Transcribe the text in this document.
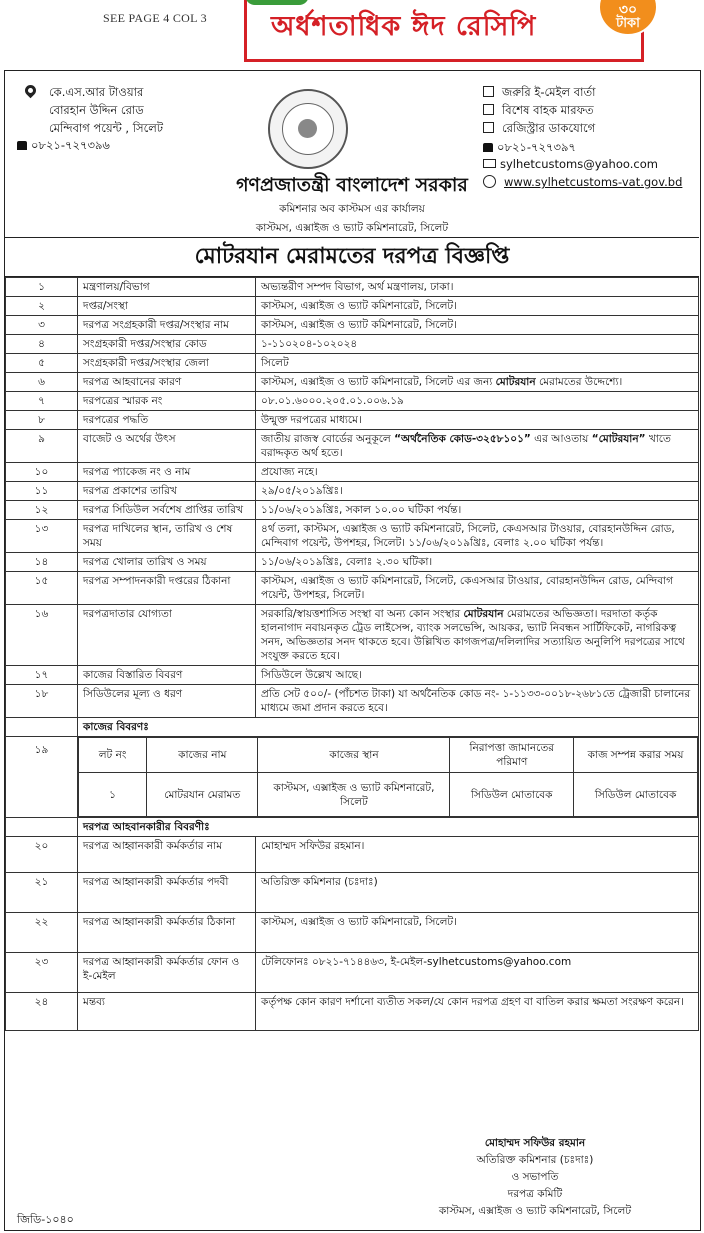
SEE PAGE 4 COL 3 অর্ধশতাধিক ঈদ রেসিপি
৩০
টাকা
কে.এস.আর টাওয়ার
বোরহান উদ্দিন রোড
মেন্দিবাগ পয়েন্ট , সিলেট
০৮২১-৭২৭৩৯৬
জরুরি ই-মেইল বার্তা
বিশেষ বাহক মারফত
রেজিস্ট্রার ডাকযোগে
০৮২১-৭২৭৩৯৭
sylhetcustoms@yahoo.com
www.sylhetcustoms-vat.gov.bd
গণপ্রজাতন্ত্রী বাংলাদেশ সরকার
কমিশনার অব কাস্টমস এর কার্যালয়
কাস্টমস, এক্সাইজ ও ভ্যাট কমিশনারেট, সিলেট
মোটরযান মেরামতের দরপত্র বিজ্ঞপ্তি
১	মন্ত্রণালয়/বিভাগ	অভ্যন্তরীণ সম্পদ বিভাগ, অর্থ মন্ত্রণালয়, ঢাকা।
২	দপ্তর/সংস্থা	কাস্টমস, এক্সাইজ ও ভ্যাট কমিশনারেট, সিলেট।
৩	দরপত্র সংগ্রহকারী দপ্তর/সংস্থার নাম	কাস্টমস, এক্সাইজ ও ভ্যাট কমিশনারেট, সিলেট।
৪	সংগ্রহকারী দপ্তর/সংস্থার কোড	১-১১০২০৪-১০২০২৪
৫	সংগ্রহকারী দপ্তর/সংস্থার জেলা	সিলেট
৬	দরপত্র আহবানের কারণ	কাস্টমস, এক্সাইজ ও ভ্যাট কমিশনারেট, সিলেট এর জন্য মোটরযান মেরামতের উদ্দেশ্যে।
৭	দরপত্রের স্মারক নং	০৮.০১.৬০০০.২০৫.০১.০০৬.১৯
৮	দরপত্রের পদ্ধতি	উন্মুক্ত দরপত্রের মাধ্যমে।
৯	বাজেট ও অর্থের উৎস	জাতীয় রাজস্ব বোর্ডের অনুকূলে “অর্থনৈতিক কোড-৩২৫৮১০১” এর আওতায় “মোটরযান” খাতে বরাদ্দকৃত অর্থ হতে।
১০	দরপত্র প্যাকেজ নং ও নাম	প্রযোজ্য নহে।
১১	দরপত্র প্রকাশের তারিখ	২৯/০৫/২০১৯খ্রিঃ।
১২	দরপত্র সিডিউল সর্বশেষ প্রাপ্তির তারিখ	১১/০৬/২০১৯খ্রিঃ, সকাল ১০.০০ ঘটিকা পর্যন্ত।
১৩	দরপত্র দাখিলের স্থান, তারিখ ও শেষ সময়	৪র্থ তলা, কাস্টমস, এক্সাইজ ও ভ্যাট কমিশনারেট, সিলেট, কেএসআর টাওয়ার, বোরহানউদ্দিন রোড, মেন্দিবাগ পয়েন্ট, উপশহর, সিলেট। ১১/০৬/২০১৯খ্রিঃ, বেলাঃ ২.০০ ঘটিকা পর্যন্ত।
১৪	দরপত্র খোলার তারিখ ও সময়	১১/০৬/২০১৯খ্রিঃ, বেলাঃ ২.৩০ ঘটিকা।
১৫	দরপত্র সম্পাদনকারী দপ্তরের ঠিকানা	কাস্টমস, এক্সাইজ ও ভ্যাট কমিশনারেট, সিলেট, কেএসআর টাওয়ার, বোরহানউদ্দিন রোড, মেন্দিবাগ পয়েন্ট, উপশহর, সিলেট।
১৬	দরপত্রদাতার যোগ্যতা	সরকারি/স্বায়ত্তশাসিত সংস্থা বা অন্য কোন সংস্থার মোটরযান মেরামতের অভিজ্ঞতা। দরদাতা কর্তৃক হালনাগাদ নবায়নকৃত ট্রেড লাইসেন্স, ব্যাংক সলভেন্সি, আয়কর, ভ্যাট নিবন্ধন সার্টিফিকেট, নাগরিকত্ব সনদ, অভিজ্ঞতার সনদ থাকতে হবে। উল্লিখিত কাগজপত্র/দলিলাদির সত্যায়িত অনুলিপি দরপত্রের সাথে সংযুক্ত করতে হবে।
১৭	কাজের বিস্তারিত বিবরণ	সিডিউলে উল্লেখ আছে।
১৮	সিডিউলের মূল্য ও ধরণ	প্রতি সেট ৫০০/- (পাঁচশত টাকা) যা অর্থনৈতিক কোড নং- ১-১১৩৩-০০১৮-২৬৮১তে ট্রেজারী চালানের মাধ্যমে জমা প্রদান করতে হবে।
	কাজের বিবরণঃ
১৯		লট নং	কাজের নাম	কাজের স্থান	নিরাপত্তা জামানতের পরিমাণ	কাজ সম্পন্ন করার সময়
১	মোটরযান মেরামত	কাস্টমস, এক্সাইজ ও ভ্যাট কমিশনারেট, সিলেট	সিডিউল মোতাবেক	সিডিউল মোতাবেক

	দরপত্র আহবানকারীর বিবরণীঃ
২০	দরপত্র আহ্বানকারী কর্মকর্তার নাম	মোহাম্মদ সফিউর রহমান।
২১	দরপত্র আহ্বানকারী কর্মকর্তার পদবী	অতিরিক্ত কমিশনার (চঃদাঃ)
২২	দরপত্র আহ্বানকারী কর্মকর্তার ঠিকানা	কাস্টমস, এক্সাইজ ও ভ্যাট কমিশনারেট, সিলেট।
২৩	দরপত্র আহ্বানকারী কর্মকর্তার ফোন ও ই-মেইল	টেলিফোনঃ ০৮২১-৭১৪৪৬৩, ই-মেইল-sylhetcustoms@yahoo.com
২৪	মন্তব্য	কর্তৃপক্ষ কোন কারণ দর্শানো ব্যতীত সকল/যে কোন দরপত্র গ্রহণ বা বাতিল করার ক্ষমতা সংরক্ষণ করেন।
মোহাম্মদ সফিউর রহমান
অতিরিক্ত কমিশনার (চঃদাঃ)
ও সভাপতি
দরপত্র কমিটি
কাস্টমস, এক্সাইজ ও ভ্যাট কমিশনারেট, সিলেট
জিডি-১০৪০
